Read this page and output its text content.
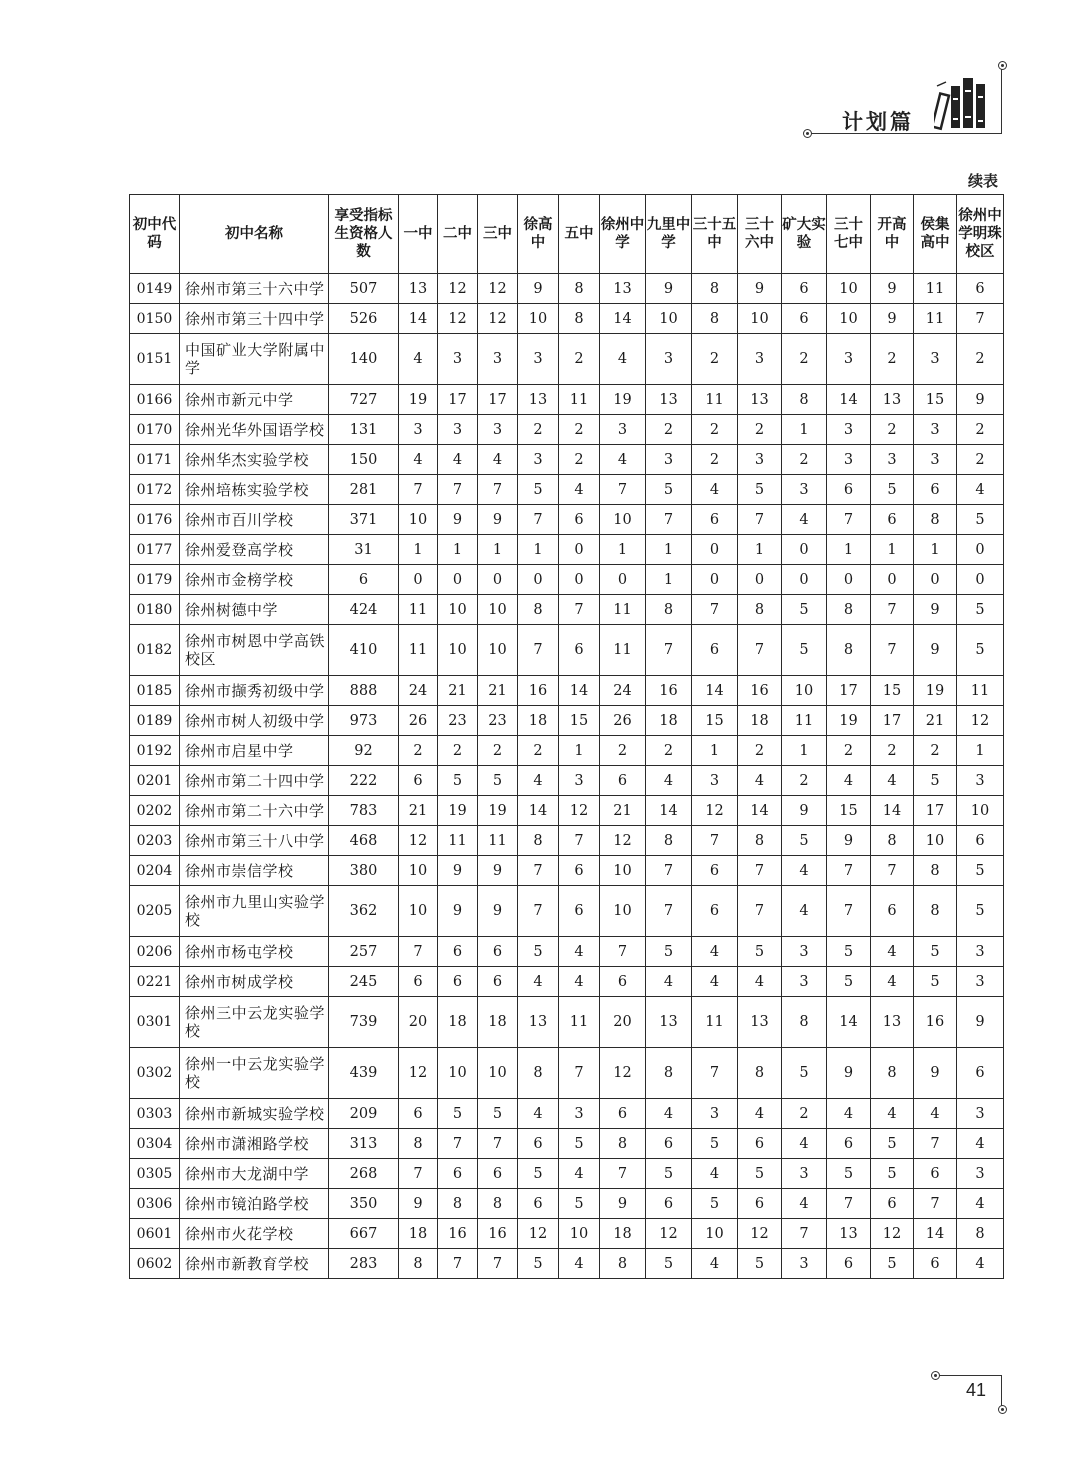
计划篇
续表
初中代码	初中名称	享受指标生资格人数	一中	二中	三中	徐高中	五中	徐州中学	九里中学	三十五中	三十六中	矿大实验	三十七中	开高中	侯集高中	徐州中学明珠校区
0149	徐州市第三十六中学	507	13	12	12	9	8	13	9	8	9	6	10	9	11	6
0150	徐州市第三十四中学	526	14	12	12	10	8	14	10	8	10	6	10	9	11	7
0151	中国矿业大学附属中学	140	4	3	3	3	2	4	3	2	3	2	3	2	3	2
0166	徐州市新元中学	727	19	17	17	13	11	19	13	11	13	8	14	13	15	9
0170	徐州光华外国语学校	131	3	3	3	2	2	3	2	2	2	1	3	2	3	2
0171	徐州华杰实验学校	150	4	4	4	3	2	4	3	2	3	2	3	3	3	2
0172	徐州培栋实验学校	281	7	7	7	5	4	7	5	4	5	3	6	5	6	4
0176	徐州市百川学校	371	10	9	9	7	6	10	7	6	7	4	7	6	8	5
0177	徐州爱登高学校	31	1	1	1	1	0	1	1	0	1	0	1	1	1	0
0179	徐州市金榜学校	6	0	0	0	0	0	0	1	0	0	0	0	0	0	0
0180	徐州树德中学	424	11	10	10	8	7	11	8	7	8	5	8	7	9	5
0182	徐州市树恩中学高铁校区	410	11	10	10	7	6	11	7	6	7	5	8	7	9	5
0185	徐州市撷秀初级中学	888	24	21	21	16	14	24	16	14	16	10	17	15	19	11
0189	徐州市树人初级中学	973	26	23	23	18	15	26	18	15	18	11	19	17	21	12
0192	徐州市启星中学	92	2	2	2	2	1	2	2	1	2	1	2	2	2	1
0201	徐州市第二十四中学	222	6	5	5	4	3	6	4	3	4	2	4	4	5	3
0202	徐州市第二十六中学	783	21	19	19	14	12	21	14	12	14	9	15	14	17	10
0203	徐州市第三十八中学	468	12	11	11	8	7	12	8	7	8	5	9	8	10	6
0204	徐州市崇信学校	380	10	9	9	7	6	10	7	6	7	4	7	7	8	5
0205	徐州市九里山实验学校	362	10	9	9	7	6	10	7	6	7	4	7	6	8	5
0206	徐州市杨屯学校	257	7	6	6	5	4	7	5	4	5	3	5	4	5	3
0221	徐州市树成学校	245	6	6	6	4	4	6	4	4	4	3	5	4	5	3
0301	徐州三中云龙实验学校	739	20	18	18	13	11	20	13	11	13	8	14	13	16	9
0302	徐州一中云龙实验学校	439	12	10	10	8	7	12	8	7	8	5	9	8	9	6
0303	徐州市新城实验学校	209	6	5	5	4	3	6	4	3	4	2	4	4	4	3
0304	徐州市潇湘路学校	313	8	7	7	6	5	8	6	5	6	4	6	5	7	4
0305	徐州市大龙湖中学	268	7	6	6	5	4	7	5	4	5	3	5	5	6	3
0306	徐州市镜泊路学校	350	9	8	8	6	5	9	6	5	6	4	7	6	7	4
0601	徐州市火花学校	667	18	16	16	12	10	18	12	10	12	7	13	12	14	8
0602	徐州市新教育学校	283	8	7	7	5	4	8	5	4	5	3	6	5	6	4
41
